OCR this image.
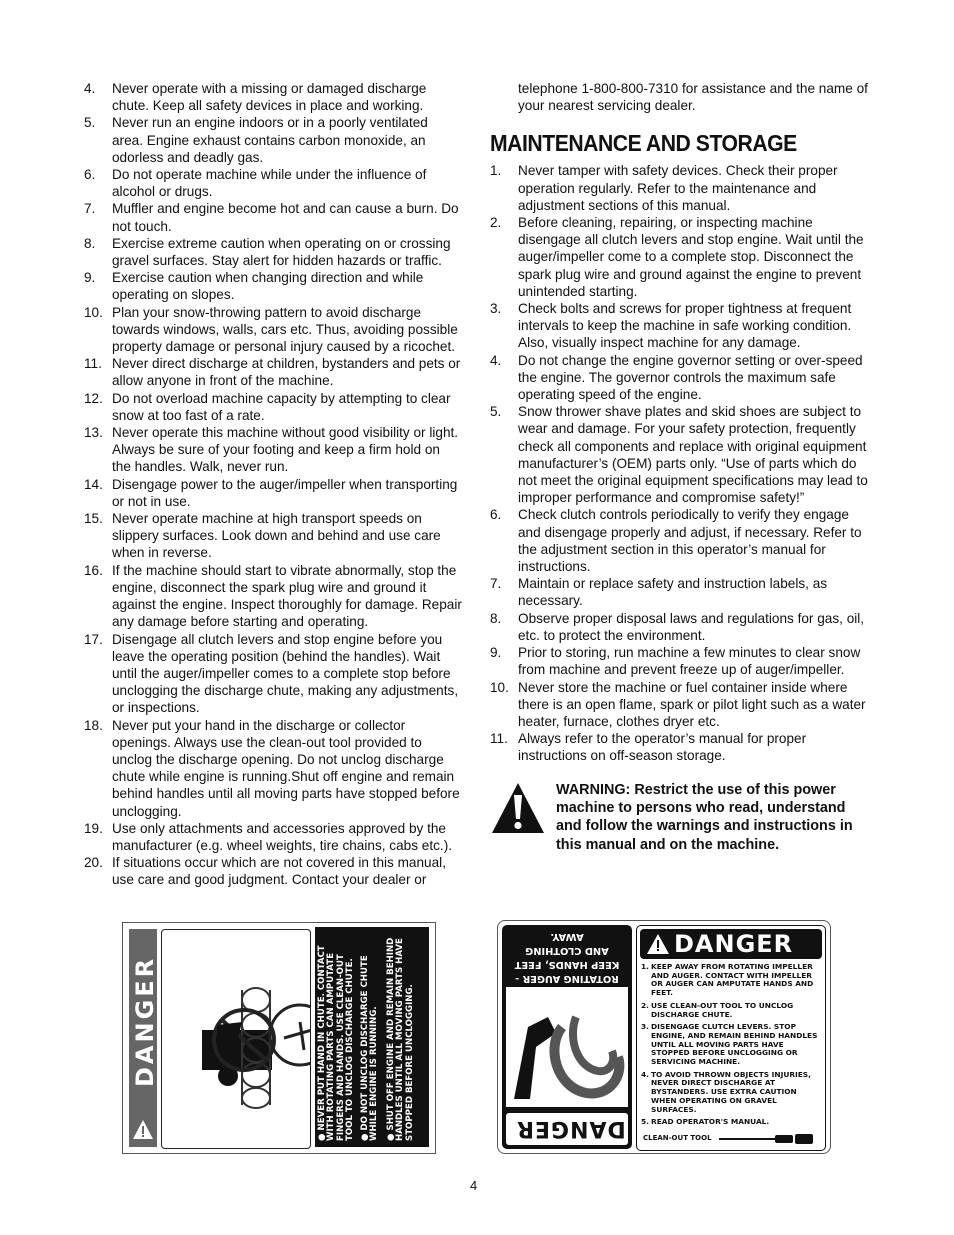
4. Never operate with a missing or damaged discharge chute. Keep all safety devices in place and working.
5. Never run an engine indoors or in a poorly ventilated area. Engine exhaust contains carbon monoxide, an odorless and deadly gas.
6. Do not operate machine while under the influence of alcohol or drugs.
7. Muffler and engine become hot and can cause a burn. Do not touch.
8. Exercise extreme caution when operating on or crossing gravel surfaces. Stay alert for hidden hazards or traffic.
9. Exercise caution when changing direction and while operating on slopes.
10. Plan your snow-throwing pattern to avoid discharge towards windows, walls, cars etc. Thus, avoiding possible property damage or personal injury caused by a ricochet.
11. Never direct discharge at children, bystanders and pets or allow anyone in front of the machine.
12. Do not overload machine capacity by attempting to clear snow at too fast of a rate.
13. Never operate this machine without good visibility or light. Always be sure of your footing and keep a firm hold on the handles. Walk, never run.
14. Disengage power to the auger/impeller when transporting or not in use.
15. Never operate machine at high transport speeds on slippery surfaces. Look down and behind and use care when in reverse.
16. If the machine should start to vibrate abnormally, stop the engine, disconnect the spark plug wire and ground it against the engine. Inspect thoroughly for damage. Repair any damage before starting and operating.
17. Disengage all clutch levers and stop engine before you leave the operating position (behind the handles). Wait until the auger/impeller comes to a complete stop before unclogging the discharge chute, making any adjustments, or inspections.
18. Never put your hand in the discharge or collector openings. Always use the clean-out tool provided to unclog the discharge opening. Do not unclog discharge chute while engine is running.Shut off engine and remain behind handles until all moving parts have stopped before unclogging.
19. Use only attachments and accessories approved by the manufacturer (e.g. wheel weights, tire chains, cabs etc.).
20. If situations occur which are not covered in this manual, use care and good judgment. Contact your dealer or

telephone 1-800-800-7310 for assistance and the name of your nearest servicing dealer.

MAINTENANCE AND STORAGE
1. Never tamper with safety devices. Check their proper operation regularly. Refer to the maintenance and adjustment sections of this manual.
2. Before cleaning, repairing, or inspecting machine disengage all clutch levers and stop engine. Wait until the auger/impeller come to a complete stop. Disconnect the spark plug wire and ground against the engine to prevent unintended starting.
3. Check bolts and screws for proper tightness at frequent intervals to keep the machine in safe working condition. Also, visually inspect machine for any damage.
4. Do not change the engine governor setting or over-speed the engine. The governor controls the maximum safe operating speed of the engine.
5. Snow thrower shave plates and skid shoes are subject to wear and damage. For your safety protection, frequently check all components and replace with original equipment manufacturer’s (OEM) parts only. “Use of parts which do not meet the original equipment specifications may lead to improper performance and compromise safety!”
6. Check clutch controls periodically to verify they engage and disengage properly and adjust, if necessary. Refer to the adjustment section in this operator’s manual for instructions.
7. Maintain or replace safety and instruction labels, as necessary.
8. Observe proper disposal laws and regulations for gas, oil, etc. to protect the environment.
9. Prior to storing, run machine a few minutes to clear snow from machine and prevent freeze up of auger/impeller.
10. Never store the machine or fuel container inside where there is an open flame, spark or pilot light such as a water heater, furnace, clothes dryer etc.
11. Always refer to the operator’s manual for proper instructions on off-season storage.
WARNING: Restrict the use of this power machine to persons who read, understand and follow the warnings and instructions in this manual and on the machine.
DANGER
● NEVER PUT HAND IN CHUTE. CONTACT WITH ROTATING PARTS CAN AMPUTATE FINGERS AND HANDS. USE CLEAN-OUT TOOL TO UNCLOG DISCHARGE CHUTE. ● DO NOT UNCLOG DISCHARGE CHUTE WHILE ENGINE IS RUNNING. ● SHUT OFF ENGINE AND REMAIN BEHIND HANDLES UNTIL ALL MOVING PARTS HAVE STOPPED BEFORE UNCLOGGING.
ROTATING AUGER - KEEP HANDS, FEET AND CLOTHING AWAY.
DANGER
DANGER
1. KEEP AWAY FROM ROTATING IMPELLER AND AUGER. CONTACT WITH IMPELLER OR AUGER CAN AMPUTATE HANDS AND FEET.
2. USE CLEAN-OUT TOOL TO UNCLOG DISCHARGE CHUTE.
3. DISENGAGE CLUTCH LEVERS. STOP ENGINE, AND REMAIN BEHIND HANDLES UNTIL ALL MOVING PARTS HAVE STOPPED BEFORE UNCLOGGING OR SERVICING MACHINE.
4. TO AVOID THROWN OBJECTS INJURIES, NEVER DIRECT DISCHARGE AT BYSTANDERS. USE EXTRA CAUTION WHEN OPERATING ON GRAVEL SURFACES.
5. READ OPERATOR'S MANUAL.
CLEAN-OUT TOOL
4
